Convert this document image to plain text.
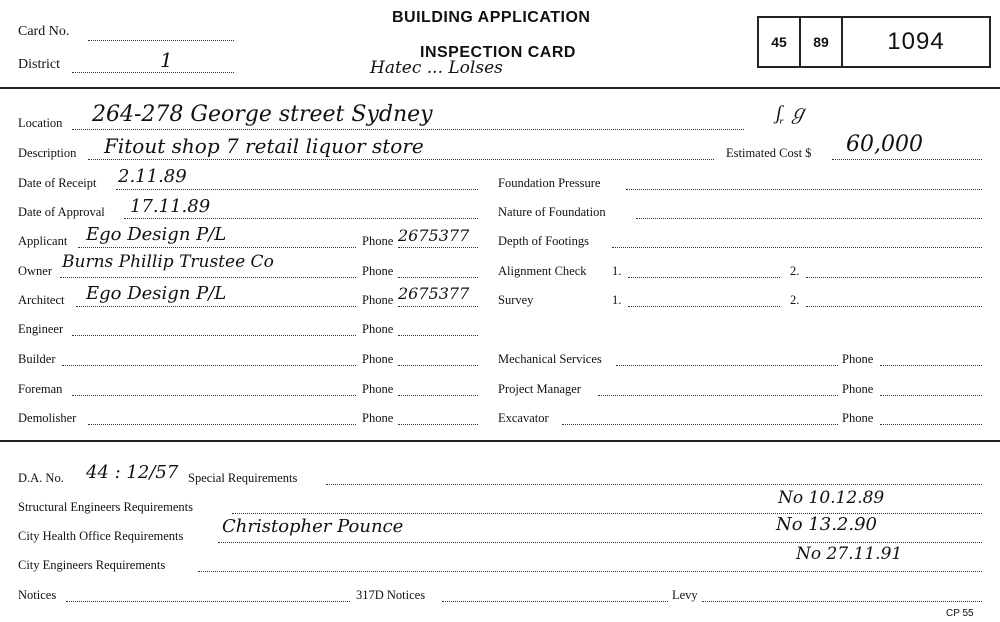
Card No.
District	1
BUILDING APPLICATION
INSPECTION CARD
Hatec ... Lolses
45	89	1094
Location 264-278 George street Sydney	ʃ᷊ ℊ
Description Fitout shop 7 retail liquor store	Estimated Cost $ 60,000
Date of Receipt 2.11.89
Date of Approval 17.11.89
Applicant Ego Design P/L	Phone 2675377
Owner Burns Phillip Trustee Co	Phone
Architect Ego Design P/L	Phone 2675377
Engineer	Phone
Builder	Phone
Foreman	Phone
Demolisher	Phone
Foundation Pressure
Nature of Foundation
Depth of Footings
Alignment Check 1.	2.
Survey	1.	2.
Mechanical Services	Phone
Project Manager	Phone
Excavator	Phone
D.A. No. 44 : 12/57 Special Requirements
Structural Engineers Requirements	No 10.12.89
City Health Office Requirements Christopher Pounce	No 13.2.90
City Engineers Requirements
No 27.11.91
Notices	317D Notices	Levy
CP 55
